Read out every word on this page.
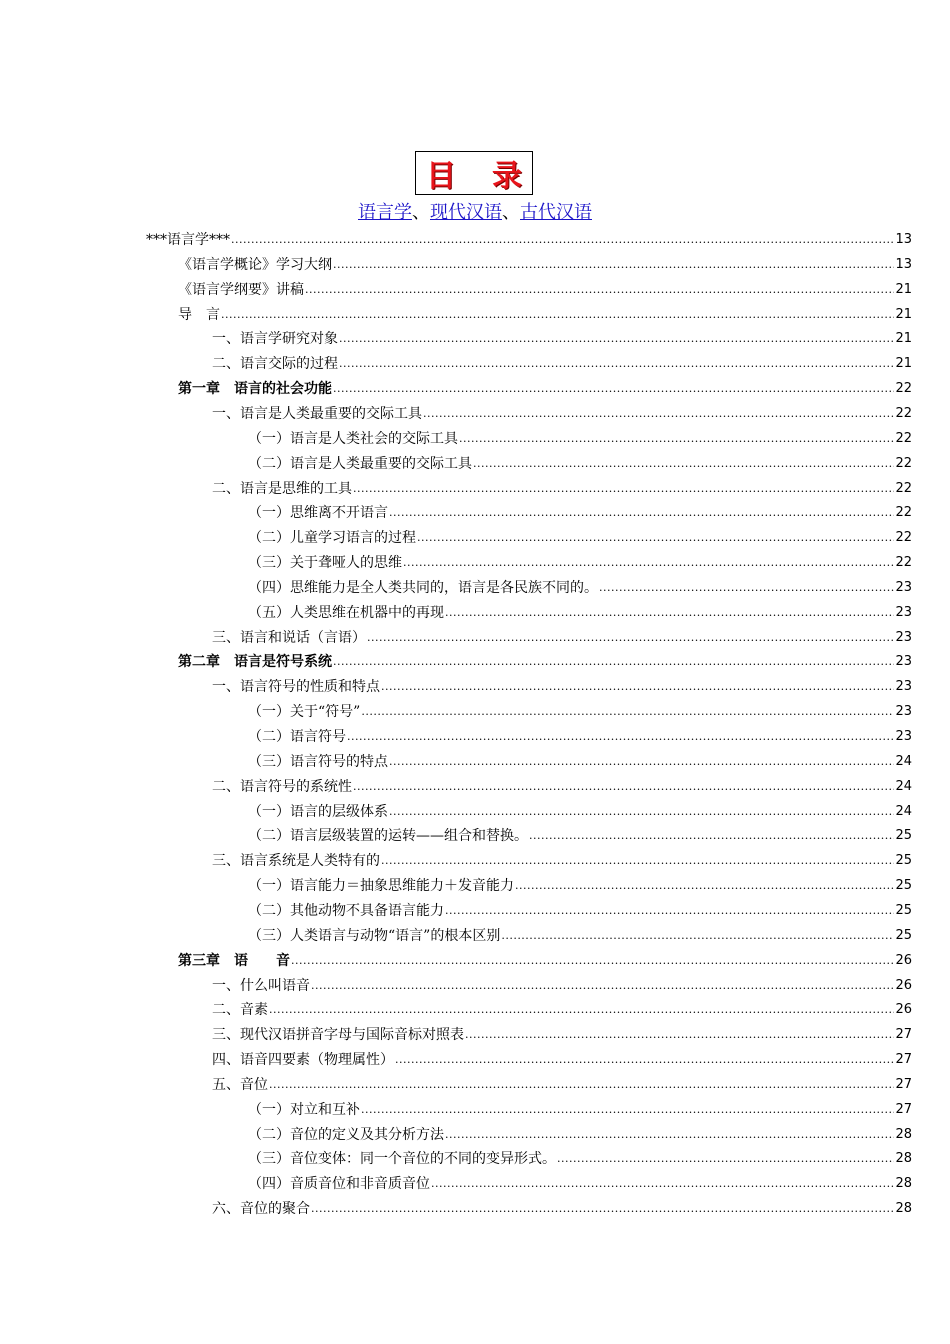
目录
语言学、现代汉语、古代汉语
***语言学*** .....	13
《语言学概论》学习大纲 .....	13
《语言学纲要》讲稿 .....	21
导　言 .....	21
一、语言学研究对象 .....	21
二、语言交际的过程 .....	21
第一章　语言的社会功能 .....	22
一、语言是人类最重要的交际工具 .....	22
（一）语言是人类社会的交际工具 .....	22
（二）语言是人类最重要的交际工具 .....	22
二、语言是思维的工具 .....	22
（一）思维离不开语言 .....	22
（二）儿童学习语言的过程 .....	22
（三）关于聋哑人的思维 .....	22
（四）思维能力是全人类共同的，语言是各民族不同的。 .....	23
（五）人类思维在机器中的再现 .....	23
三、语言和说话（言语） .....	23
第二章　语言是符号系统 .....	23
一、语言符号的性质和特点 .....	23
（一）关于“符号” .....	23
（二）语言符号 .....	23
（三）语言符号的特点 .....	24
二、语言符号的系统性 .....	24
（一）语言的层级体系 .....	24
（二）语言层级装置的运转——组合和替换。 .....	25
三、语言系统是人类特有的 .....	25
（一）语言能力＝抽象思维能力＋发音能力 .....	25
（二）其他动物不具备语言能力 .....	25
（三）人类语言与动物“语言”的根本区别 .....	25
第三章　语　　音 .....	26
一、什么叫语音 .....	26
二、音素 .....	26
三、现代汉语拼音字母与国际音标对照表 .....	27
四、语音四要素（物理属性） .....	27
五、音位 .....	27
（一）对立和互补 .....	27
（二）音位的定义及其分析方法 .....	28
（三）音位变体：同一个音位的不同的变异形式。 .....	28
（四）音质音位和非音质音位 .....	28
六、音位的聚合 .....	28
